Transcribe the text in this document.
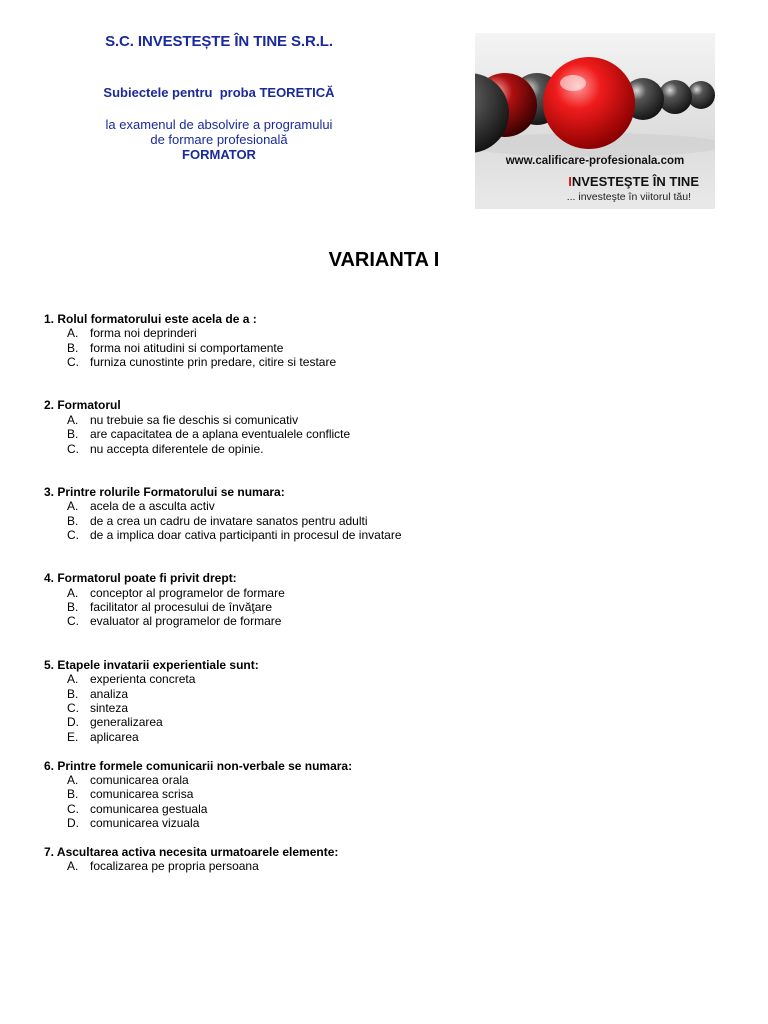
S.C. INVESTEȘTE ÎN TINE S.R.L.
Subiectele pentru  proba TEORETICĂ
la examenul de absolvire a programului
de formare profesională
FORMATOR	www.calificare-profesionala.com
INVESTEŞTE ÎN TINE
... investeşte în viitorul tău!
VARIANTA I
1. Rolul formatorului este acela de a :
A. forma noi deprinderi
B. forma noi atitudini si comportamente
C. furniza cunostinte prin predare, citire si testare
2. Formatorul
A. nu trebuie sa fie deschis si comunicativ
B. are capacitatea de a aplana eventualele conflicte
C. nu accepta diferentele de opinie.
3. Printre rolurile Formatorului se numara:
A. acela de a asculta activ
B. de a crea un cadru de invatare sanatos pentru adulti
C. de a implica doar cativa participanti in procesul de invatare
4. Formatorul poate fi privit drept:
A. conceptor al programelor de formare
B. facilitator al procesului de învăţare
C. evaluator al programelor de formare
5. Etapele invatarii experientiale sunt:
A. experienta concreta
B. analiza
C. sinteza
D. generalizarea
E. aplicarea
6. Printre formele comunicarii non-verbale se numara:
A. comunicarea orala
B. comunicarea scrisa
C. comunicarea gestuala
D. comunicarea vizuala
7. Ascultarea activa necesita urmatoarele elemente:
A. focalizarea pe propria persoana
